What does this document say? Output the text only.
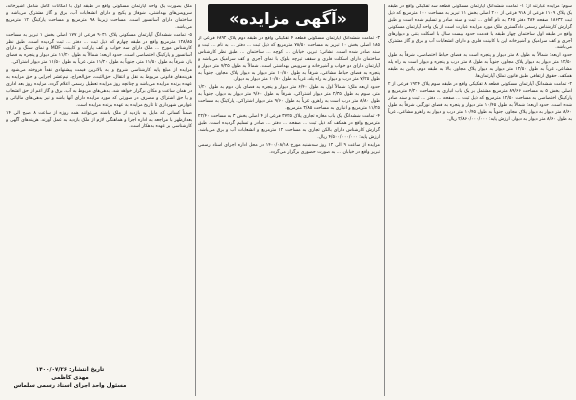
سوم: مزایده عبارتند از: ۱- تمامت ششدانگ آپارتمان مسکونی قطعه سه تفکیکی واقع در طبقه یک پلاک ۱۱۰۹ فرعی از ۹۱۸ فرعی از ۲۰۰ اصلی بخش ۱۱ تبریز به مساحت ۱۰۰ مترمربع که ذیل ثبت ۱۸۶۳۲ صفحه ۳۸۴ دفتر ۳۶۵ به نام آقای ... ثبت و سند صادر و تسلیم شده است و طبق گزارش کارشناس رسمی دادگستری ملک مورد مزایده عبارت است از یک واحد آپارتمان مسکونی واقع در طبقه اول ساختمان چهار طبقه با قدمت حدود بیست سال با اسکلت بتنی و دیوارهای آجری و کف سرامیک و آشپزخانه اپن با کابینت فلزی و دارای انشعابات آب و برق و گاز مشترک می‌باشد.

حدود اربعه: شمالاً به طول ۸ متر دیوار و پنجره است به فضای حیاط اختصاصی، شرقاً به طول ۱۲/۵۰ متر دیوار به دیوار پلاک مجاور، جنوباً به طول ۸ متر درب و پنجره و دیوار است به راه پله مشاعی، غرباً به طول ۱۲/۵۰ متر دیوار به دیوار پلاک مجاور. بالا به طبقه دوم، پائین به طبقه همکف. حقوق ارتفاقی طبق قانون تملک آپارتمان‌ها.

۲- تمامت ششدانگ آپارتمان مسکونی قطعه ۸ تفکیکی واقع در طبقه سوم پلاک ۱۹۲۴ فرعی از ۲ اصلی بخش ۵ به مساحت ۸۹/۶۶ مترمربع مشتمل بر یک باب انباری به مساحت ۴/۲۰ مترمربع و پارکینگ اختصاصی به مساحت ۱۲/۵۰ مترمربع که ذیل ثبت ... صفحه ... دفتر ... ثبت و سند صادر شده است. حدود اربعه: شمالاً به طول ۱۰/۴۵ متر دیوار و پنجره به فضای نورگیر، شرقاً به طول ۸/۶۰ متر دیوار به دیوار پلاک مجاور، جنوباً به طول ۱۰/۴۵ متر درب و دیوار به راهرو مشاعی، غرباً به طول ۸/۶۰ متر دیوار به دیوار. ارزش پایه: ۲/۸۶۰/۰۰۰/۰۰۰ ریال.

«آگهی مزایده»

۳- تمامت ششدانگ آپارتمان مسکونی قطعه ۴ تفکیکی واقع در طبقه دوم پلاک ۶۸۹۲ فرعی از ۱۸۵ اصلی بخش ۱۰ تبریز به مساحت ۷۸/۵۰ مترمربع که ذیل ثبت ... دفتر ... به نام ... ثبت و سند صادر شده است. نشانی: تبریز، خیابان ... کوچه ... ساختمان ... طبق نظر کارشناس ساختمان دارای اسکلت فلزی و سقف تیرچه بلوک با نمای آجری و کف سرامیک می‌باشد و آپارتمان دارای دو خواب و آشپزخانه و سرویس بهداشتی است. شمالاً به طول ۷/۲۵ متر دیوار و پنجره به فضای حیاط مشاعی، شرقاً به طول ۱۰/۸۰ متر دیوار به دیوار پلاک مجاور، جنوباً به طول ۷/۲۵ متر درب و دیوار به راه پله، غرباً به طول ۱۰/۸۰ متر دیوار به دیوار.

حدود اربعه ملک: شمالاً اول به طول ۶/۴۰ متر دیوار و پنجره به فضای باز، دوم به طول ۱/۲۰ متر، سوم به طول ۲/۳۵ متر دیوار اشتراکی، شرقاً به طول ۹/۶۰ متر دیوار به دیوار، جنوباً به طول ۸/۸۰ متر درب است به راهرو، غرباً به طول ۹/۶۰ متر دیوار اشتراکی. پارکینگ به مساحت ۱۱/۲۵ مترمربع و انباری به مساحت ۳/۸۵ مترمربع.

۴- تمامت ششدانگ یک باب مغازه تجاری پلاک ۳۷۲۵ فرعی از ۴ اصلی بخش ۳ به مساحت ۲۲/۴۰ مترمربع واقع در همکف که ذیل ثبت ... صفحه ... دفتر ... صادر و تسلیم گردیده است. طبق گزارش کارشناس دارای بالکن تجاری به مساحت ۱۲ مترمربع و انشعابات آب و برق می‌باشد. ارزش پایه: ۴/۵۰۰/۰۰۰/۰۰۰ ریال.

مزایده از ساعت ۹ الی ۱۲ روز سه‌شنبه مورخ ۱۴۰۰/۰۸/۱۸ در محل اداره اجرای اسناد رسمی تبریز واقع در خیابان ... به صورت حضوری برگزار می‌گردد.

ملک بصورت یک واحد آپارتمان مسکونی واقع در طبقه اول با امکانات کامل شامل آشپزخانه، سرویس‌های بهداشتی، شوفاژ و پکیج و دارای انشعابات آب، برق و گاز مشترک می‌باشد و ساختمان دارای آسانسور است. مساحت زیربنا ۹۸ مترمربع و مساحت پارکینگ ۱۲ مترمربع می‌باشد.

۵- تمامت ششدانگ آپارتمان مسکونی پلاک ۹۰۳۱ فرعی از ۱۷۷ اصلی بخش ۱ تبریز به مساحت ۱۲۸/۸۵ مترمربع واقع در طبقه چهارم که ذیل ثبت ... دفتر ... ثبت گردیده است. طبق نظر کارشناس مورخ ... ملک دارای سه خواب و کف پارکت و کابینت MDF و نمای سنگ و دارای آسانسور و پارکینگ اختصاصی است. حدود اربعه: شمالاً به طول ۱۱/۲۰ متر دیوار و پنجره به فضای باز، شرقاً به طول ۱۱/۵۰ متر، جنوباً به طول ۱۱/۲۰ متر، غرباً به طول ۱۱/۵۰ متر دیوار اشتراکی.

مزایده از مبلغ پایه کارشناسی شروع و به بالاترین قیمت پیشنهادی نقداً فروخته می‌شود و هزینه‌های قانونی مربوط به نقل و انتقال، حق‌الثبت، حق‌الحراج، نیم‌عشر اجرایی و حق مزایده به عهده برنده مزایده می‌باشد و چنانچه روز مزایده تعطیل رسمی اعلام گردد، مزایده روز بعد اداری در همان ساعت و مکان برگزار خواهد شد. بدهی‌های مربوط به آب، برق و گاز اعم از حق انشعاب و یا حق اشتراک و مصرف در صورتی که مورد مزایده دارای آنها باشد و نیز بدهی‌های مالیاتی و عوارض شهرداری تا تاریخ مزایده به عهده برنده مزایده است.

ضمناً کسانی که مایل به بازدید از ملک باشند می‌توانند همه روزه از ساعت ۸ صبح الی ۱۴ بعدازظهر با مراجعه به اداره اجرا و هماهنگی لازم از ملک بازدید به عمل آورند. هزینه‌های آگهی و کارشناسی بر عهده بدهکار است.

تاریخ انتشار: ۱۴۰۰/۰۷/۲۶
مهدی کاظمی
مسئول واحد اجرای اسناد رسمی سلماس
